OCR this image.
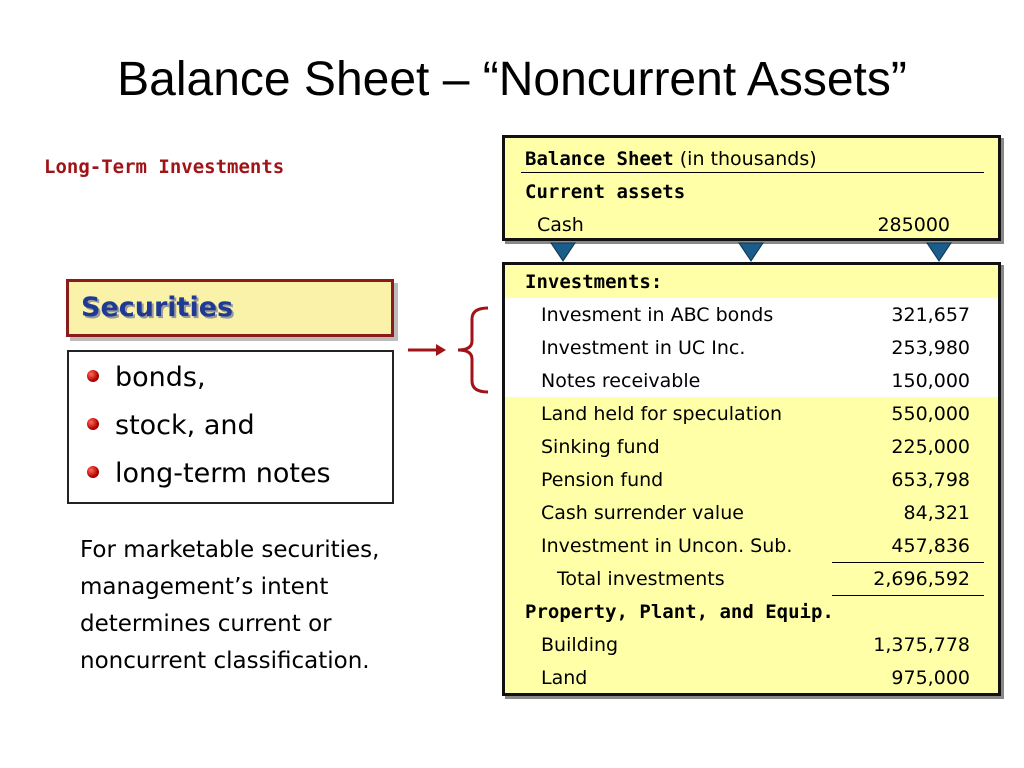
Balance Sheet – “Noncurrent Assets”
Long-Term Investments
Securities
bonds,
stock, and
long-term notes
For marketable securities,
management’s intent
determines current or
noncurrent classification.
Balance Sheet (in thousands)
Current assets
Cash	285000
Investments:
Invesment in ABC bonds	321,657
Investment in UC Inc.	253,980
Notes receivable	150,000
Land held for speculation	550,000
Sinking fund	225,000
Pension fund	653,798
Cash surrender value	84,321
Investment in Uncon. Sub.	457,836
Total investments	2,696,592
Property, Plant, and Equip.
Building	1,375,778
Land	975,000
